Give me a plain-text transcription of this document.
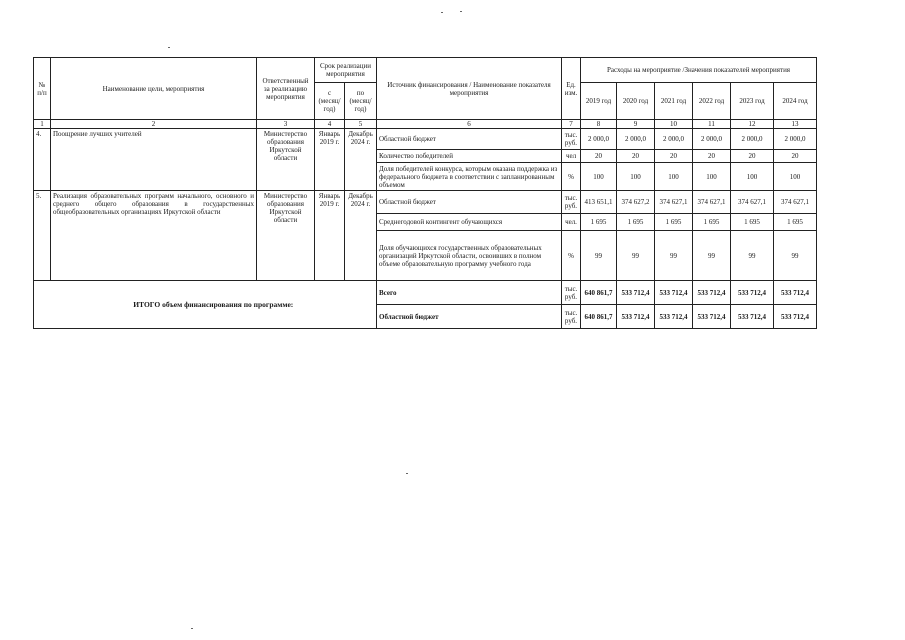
№
п/п	Наименование цели, мероприятия	Ответственный за реализацию мероприятия	Срок реализации мероприятия		Источник финансирования / Наименование показателя мероприятия	Ед. изм.	Расходы на мероприятие /Значения показателей мероприятия					
			с (месяц/ год)	по (месяц/ год)			2019 год	2020 год	2021 год	2022 год	2023 год	2024 год
1	2	3	4	5	6	7	8	9	10	11	12	13
4.	Поощрение лучших учителей	Министерство образования Иркутской области	Январь 2019 г.	Декабрь 2024 г.	Областной бюджет	тыс. руб.	2 000,0	2 000,0	2 000,0	2 000,0	2 000,0	2 000,0
					Количество победителей	чел	20	20	20	20	20	20
					Доля победителей конкурса, которым оказана поддержка из федерального бюджета в соответствии с запланированным объемом	%	100	100	100	100	100	100
5.	Реализация образовательных программ начального, основного и среднего общего образования в государственных общеобразовательных организациях Иркутской области	Министерство образования Иркутской области	Январь 2019 г.	Декабрь 2024 г.	Областной бюджет	тыс. руб.	413 651,1	374 627,2	374 627,1	374 627,1	374 627,1	374 627,1
					Среднегодовой контингент обучающихся	чел.	1 695	1 695	1 695	1 695	1 695	1 695
					Доля обучающихся государственных образовательных организаций Иркутской области, освоивших в полном объеме образовательную программу учебного года	%	99	99	99	99	99	99
	ИТОГО объем финансирования по программе:				Всего	тыс. руб.	640 861,7	533 712,4	533 712,4	533 712,4	533 712,4	533 712,4
					Областной бюджет	тыс. руб.	640 861,7	533 712,4	533 712,4	533 712,4	533 712,4	533 712,4
